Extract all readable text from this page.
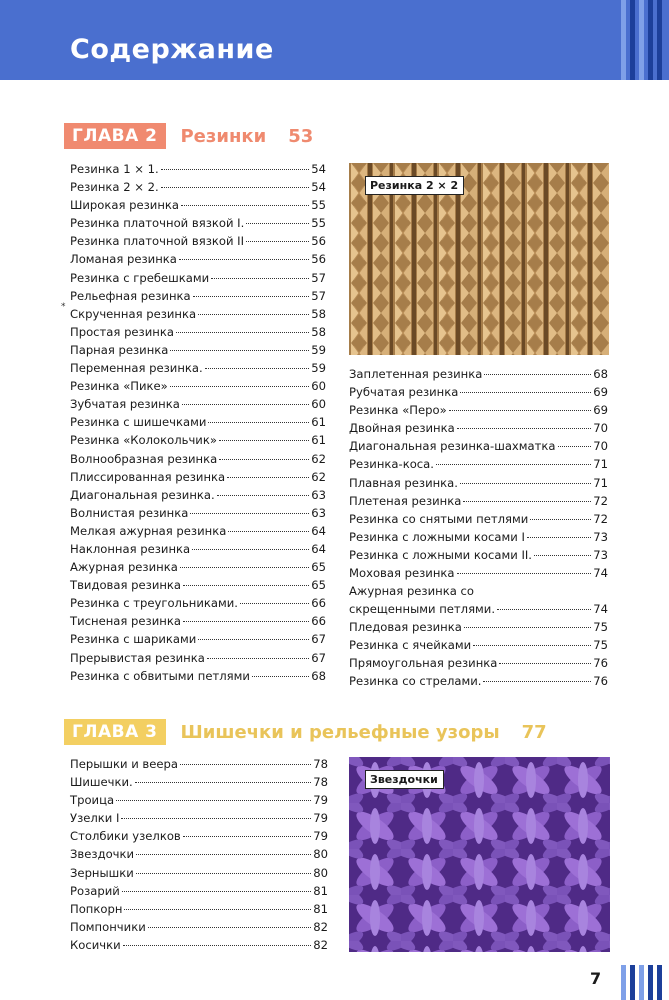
Содержание
ГЛАВА 2	Резинки 53
*
Резинка 1 × 1.	54
Резинка 2 × 2.	54
Широкая резинка	55
Резинка платочной вязкой I.	55
Резинка платочной вязкой II	56
Ломаная резинка	56
Резинка с гребешками	57
Рельефная резинка	57
Скрученная резинка	58
Простая резинка	58
Парная резинка	59
Переменная резинка.	59
Резинка «Пике»	60
Зубчатая резинка	60
Резинка с шишечками	61
Резинка «Колокольчик»	61
Волнообразная резинка	62
Плиссированная резинка	62
Диагональная резинка.	63
Волнистая резинка	63
Мелкая ажурная резинка	64
Наклонная резинка	64
Ажурная резинка	65
Твидовая резинка	65
Резинка с треугольниками.	66
Тисненая резинка	66
Резинка с шариками	67
Прерывистая резинка	67
Резинка с обвитыми петлями	68
Резинка 2 × 2
Заплетенная резинка	68
Рубчатая резинка	69
Резинка «Перо»	69
Двойная резинка	70
Диагональная резинка-шахматка	70
Резинка-коса.	71
Плавная резинка.	71
Плетеная резинка	72
Резинка со снятыми петлями	72
Резинка с ложными косами I	73
Резинка с ложными косами II.	73
Моховая резинка	74
Ажурная резинка со
скрещенными петлями.	74
Пледовая резинка	75
Резинка с ячейками	75
Прямоугольная резинка	76
Резинка со стрелами.	76
ГЛАВА 3	Шишечки и рельефные узоры 77
Перышки и веера	78
Шишечки.	78
Троица	79
Узелки I	79
Столбики узелков	79
Звездочки	80
Зернышки	80
Розарий	81
Попкорн	81
Помпончики	82
Косички	82
Звездочки
7
